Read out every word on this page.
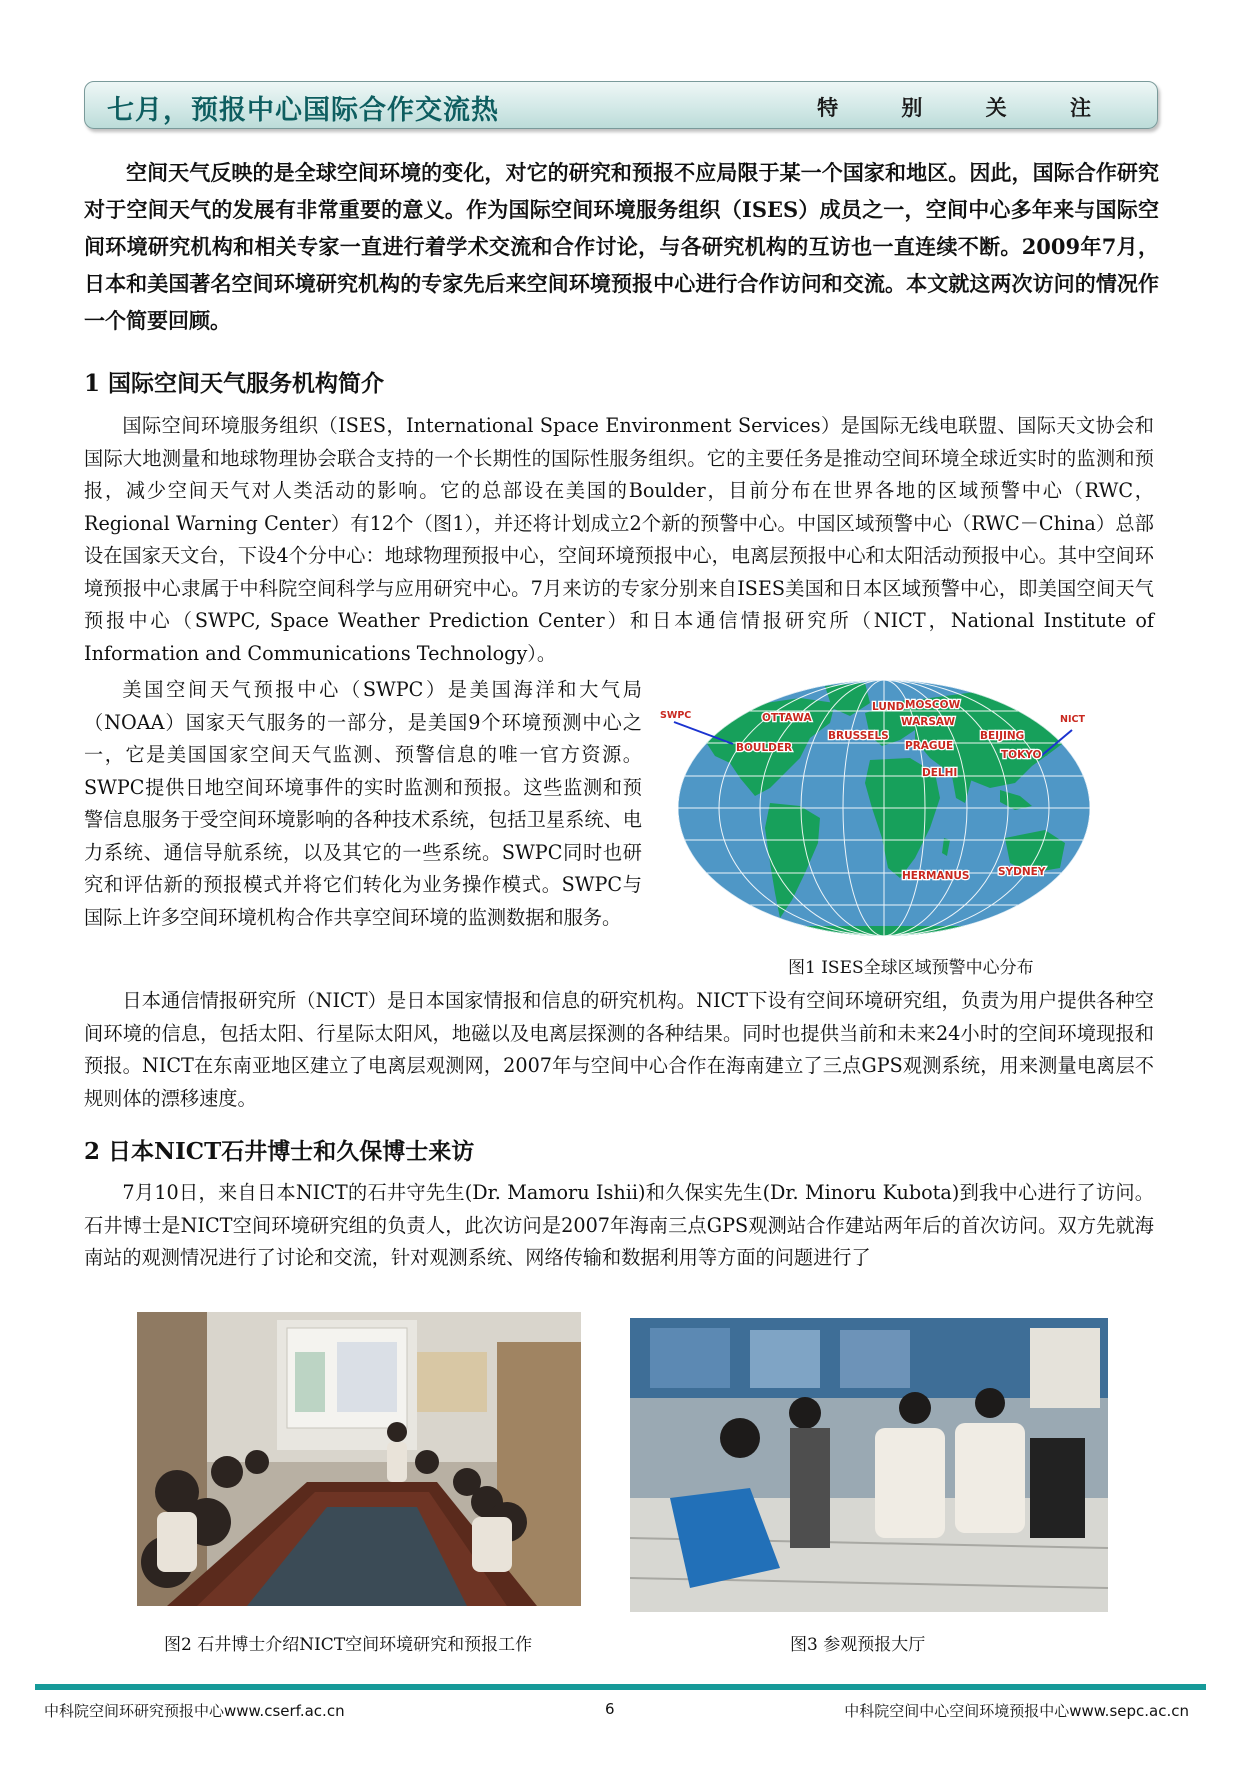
七月，预报中心国际合作交流热	特 别 关 注
空间天气反映的是全球空间环境的变化，对它的研究和预报不应局限于某一个国家和地区。因此，国际合作研究对于空间天气的发展有非常重要的意义。作为国际空间环境服务组织（ISES）成员之一，空间中心多年来与国际空间环境研究机构和相关专家一直进行着学术交流和合作讨论，与各研究机构的互访也一直连续不断。2009年7月，日本和美国著名空间环境研究机构的专家先后来空间环境预报中心进行合作访问和交流。本文就这两次访问的情况作一个简要回顾。
1 国际空间天气服务机构简介
国际空间环境服务组织（ISES，International Space Environment Services）是国际无线电联盟、国际天文协会和国际大地测量和地球物理协会联合支持的一个长期性的国际性服务组织。它的主要任务是推动空间环境全球近实时的监测和预报，减少空间天气对人类活动的影响。它的总部设在美国的Boulder，目前分布在世界各地的区域预警中心（RWC，Regional Warning Center）有12个（图1），并还将计划成立2个新的预警中心。中国区域预警中心（RWC－China）总部设在国家天文台，下设4个分中心：地球物理预报中心，空间环境预报中心，电离层预报中心和太阳活动预报中心。其中空间环境预报中心隶属于中科院空间科学与应用研究中心。7月来访的专家分别来自ISES美国和日本区域预警中心，即美国空间天气预报中心（SWPC, Space Weather Prediction Center）和日本通信情报研究所（NICT，National Institute of Information and Communications Technology）。
美国空间天气预报中心（SWPC）是美国海洋和大气局（NOAA）国家天气服务的一部分，是美国9个环境预测中心之一，它是美国国家空间天气监测、预警信息的唯一官方资源。SWPC提供日地空间环境事件的实时监测和预报。这些监测和预警信息服务于受空间环境影响的各种技术系统，包括卫星系统、电力系统、通信导航系统，以及其它的一些系统。SWPC同时也研究和评估新的预报模式并将它们转化为业务操作模式。SWPC与国际上许多空间环境机构合作共享空间环境的监测数据和服务。
SWPC	NICT
OTTAWA
BOULDER
LUND MOSCOW
BRUSSELS
WARSAW
PRAGUE
BEIJING
TOKYO
DELHI
HERMANUS	SYDNEY
图1 ISES全球区域预警中心分布
日本通信情报研究所（NICT）是日本国家情报和信息的研究机构。NICT下设有空间环境研究组，负责为用户提供各种空间环境的信息，包括太阳、行星际太阳风，地磁以及电离层探测的各种结果。同时也提供当前和未来24小时的空间环境现报和预报。NICT在东南亚地区建立了电离层观测网，2007年与空间中心合作在海南建立了三点GPS观测系统，用来测量电离层不规则体的漂移速度。
2 日本NICT石井博士和久保博士来访
7月10日，来自日本NICT的石井守先生(Dr. Mamoru Ishii)和久保实先生(Dr. Minoru Kubota)到我中心进行了访问。石井博士是NICT空间环境研究组的负责人，此次访问是2007年海南三点GPS观测站合作建站两年后的首次访问。双方先就海南站的观测情况进行了讨论和交流，针对观测系统、网络传输和数据利用等方面的问题进行了
图2 石井博士介绍NICT空间环境研究和预报工作	图3 参观预报大厅
中科院空间环研究预报中心www.cserf.ac.cn	6	中科院空间中心空间环境预报中心www.sepc.ac.cn
